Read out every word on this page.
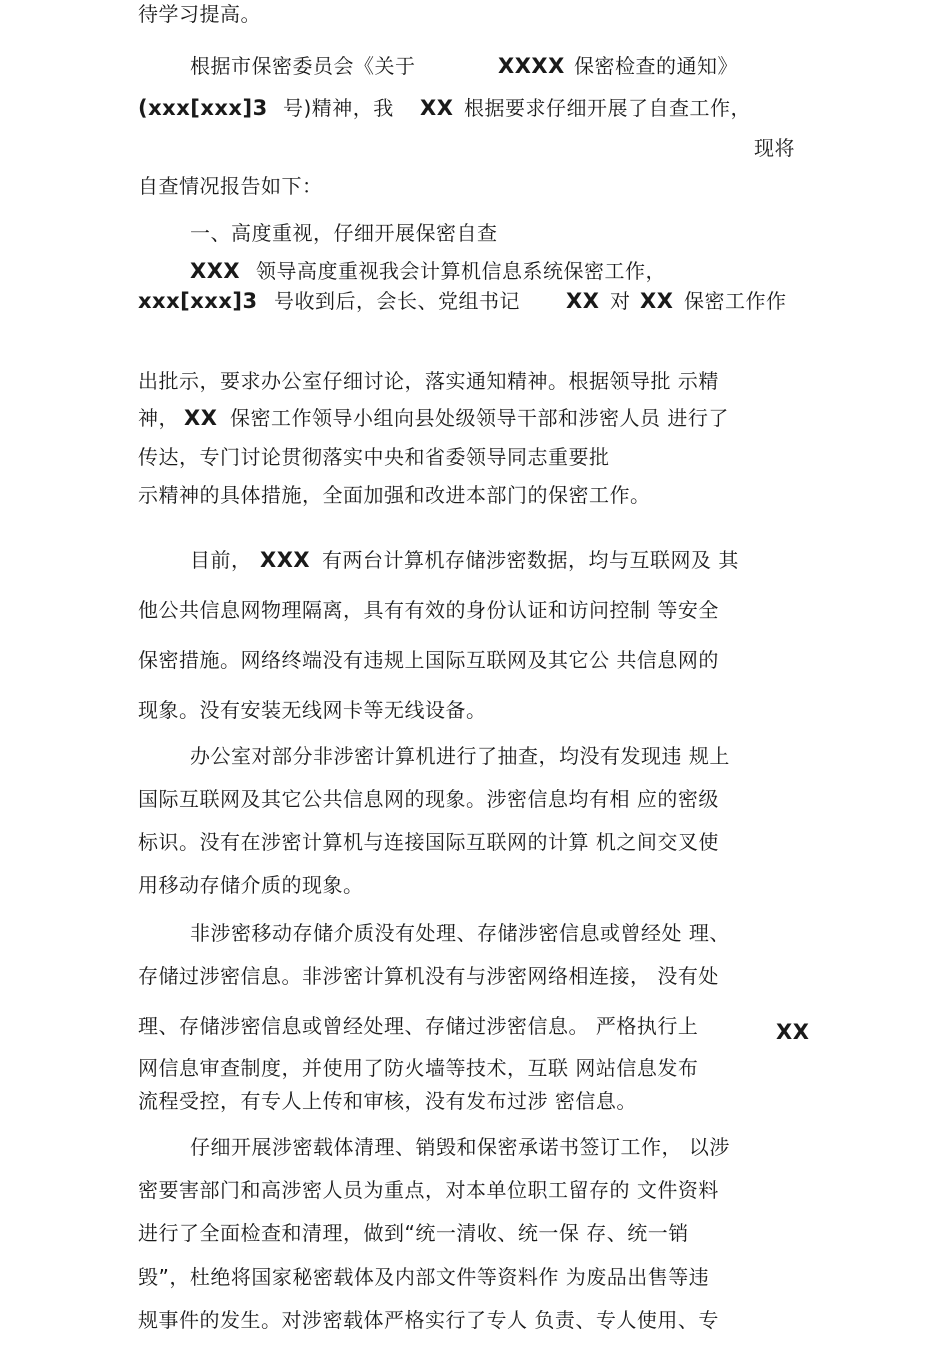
待学习提高。
根据市保密委员会《关于	XXXX 保密检查的通知》
(xxx[xxx]3 号)精神，我 XX 根据要求仔细开展了自查工作，
现将
自查情况报告如下：
一、高度重视，仔细开展保密自查
XXX 领导高度重视我会计算机信息系统保密工作，
xxx[xxx]3 号收到后，会长、党组书记 XX 对 XX 保密工作作
出批示，要求办公室仔细讨论，落实通知精神。根据领导批 示精
神， XX 保密工作领导小组向县处级领导干部和涉密人员 进行了
传达，专门讨论贯彻落实中央和省委领导同志重要批
示精神的具体措施，全面加强和改进本部门的保密工作。
目前， XXX 有两台计算机存储涉密数据，均与互联网及 其
他公共信息网物理隔离，具有有效的身份认证和访问控制 等安全
保密措施。网络终端没有违规上国际互联网及其它公 共信息网的
现象。没有安装无线网卡等无线设备。
办公室对部分非涉密计算机进行了抽查，均没有发现违 规上
国际互联网及其它公共信息网的现象。涉密信息均有相 应的密级
标识。没有在涉密计算机与连接国际互联网的计算 机之间交叉使
用移动存储介质的现象。
非涉密移动存储介质没有处理、存储涉密信息或曾经处 理、
存储过涉密信息。非涉密计算机没有与涉密网络相连接， 没有处
理、存储涉密信息或曾经处理、存储过涉密信息。 严格执行上	XX
网信息审查制度，并使用了防火墙等技术，互联 网站信息发布
流程受控，有专人上传和审核，没有发布过涉 密信息。
仔细开展涉密载体清理、销毁和保密承诺书签订工作， 以涉
密要害部门和高涉密人员为重点，对本单位职工留存的 文件资料
进行了全面检查和清理，做到“统一清收、统一保 存、统一销
毁”，杜绝将国家秘密载体及内部文件等资料作 为废品出售等违
规事件的发生。对涉密载体严格实行了专人 负责、专人使用、专
